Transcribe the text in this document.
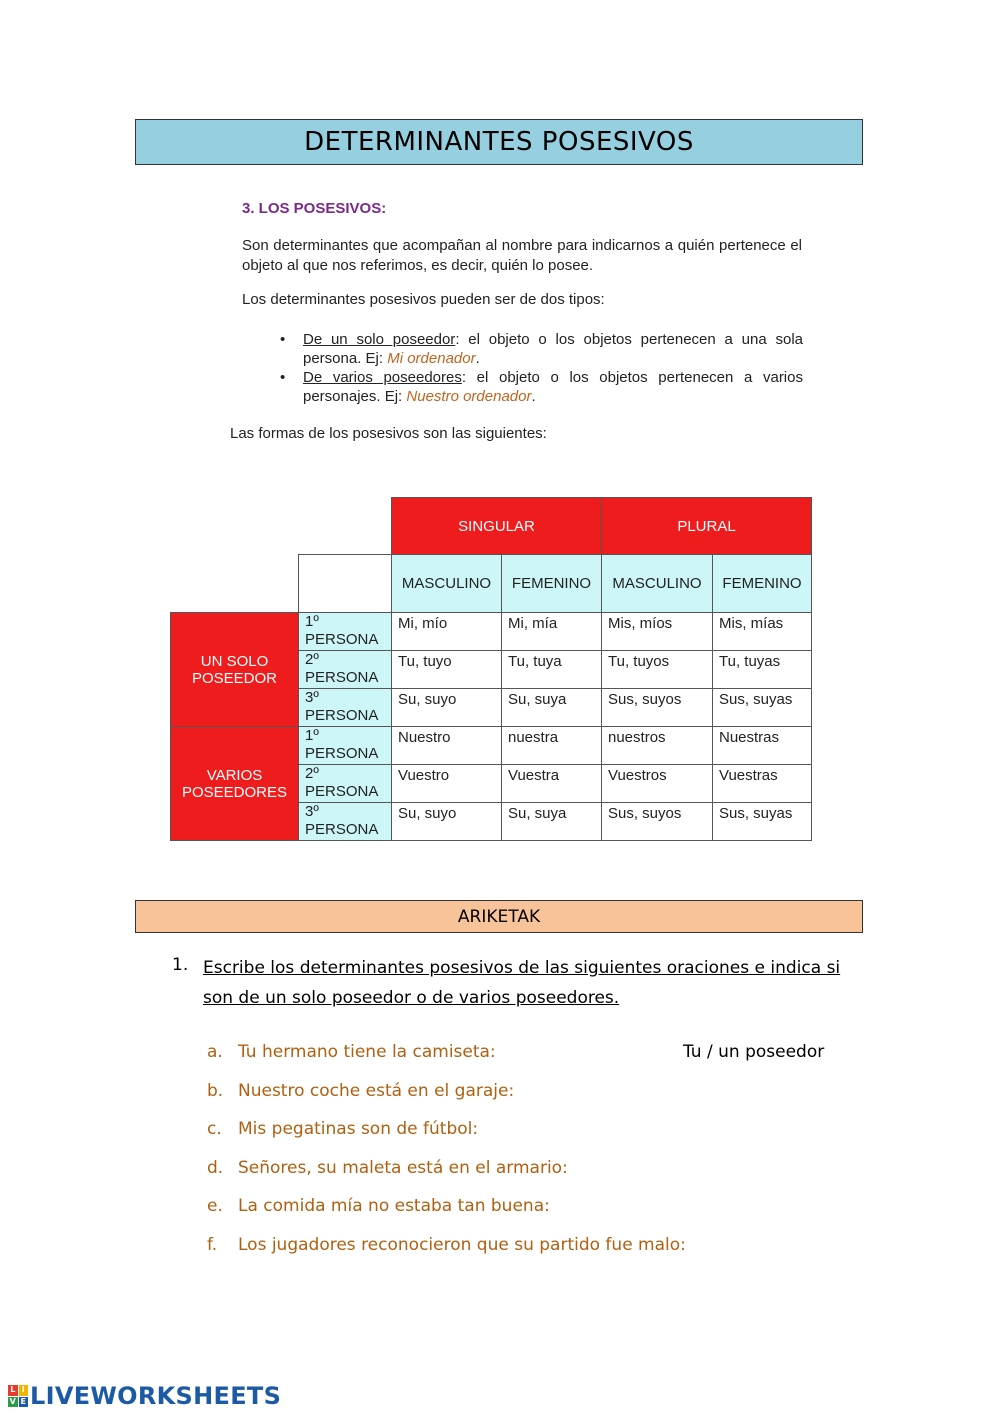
DETERMINANTES POSESIVOS
3. LOS POSESIVOS:
Son determinantes que acompañan al nombre para indicarnos a quién pertenece el objeto al que nos referimos, es decir, quién lo posee.
Los determinantes posesivos pueden ser de dos tipos:
• De un solo poseedor: el objeto o los objetos pertenecen a una sola persona. Ej: Mi ordenador.
• De varios poseedores: el objeto o los objetos pertenecen a varios personajes. Ej: Nuestro ordenador.
Las formas de los posesivos son las siguientes:
		SINGULAR		PLURAL	
		MASCULINO	FEMENINO	MASCULINO	FEMENINO
UN SOLO POSEEDOR	1º PERSONA	Mi, mío	Mi, mía	Mis, míos	Mis, mías
	2º PERSONA	Tu, tuyo	Tu, tuya	Tu, tuyos	Tu, tuyas
	3º PERSONA	Su, suyo	Su, suya	Sus, suyos	Sus, suyas
VARIOS POSEEDORES	1º PERSONA	Nuestro	nuestra	nuestros	Nuestras
	2º PERSONA	Vuestro	Vuestra	Vuestros	Vuestras
	3º PERSONA	Su, suyo	Su, suya	Sus, suyos	Sus, suyas
ARIKETAK
1. Escribe los determinantes posesivos de las siguientes oraciones e indica si son de un solo poseedor o de varios poseedores.
a. Tu hermano tiene la camiseta:
b. Nuestro coche está en el garaje:
c. Mis pegatinas son de fútbol:
d. Señores, su maleta está en el armario:
e. La comida mía no estaba tan buena:
f.	Los jugadores reconocieron que su partido fue malo:
Tu / un poseedor
L I
V E LIVEWORKSHEETS
